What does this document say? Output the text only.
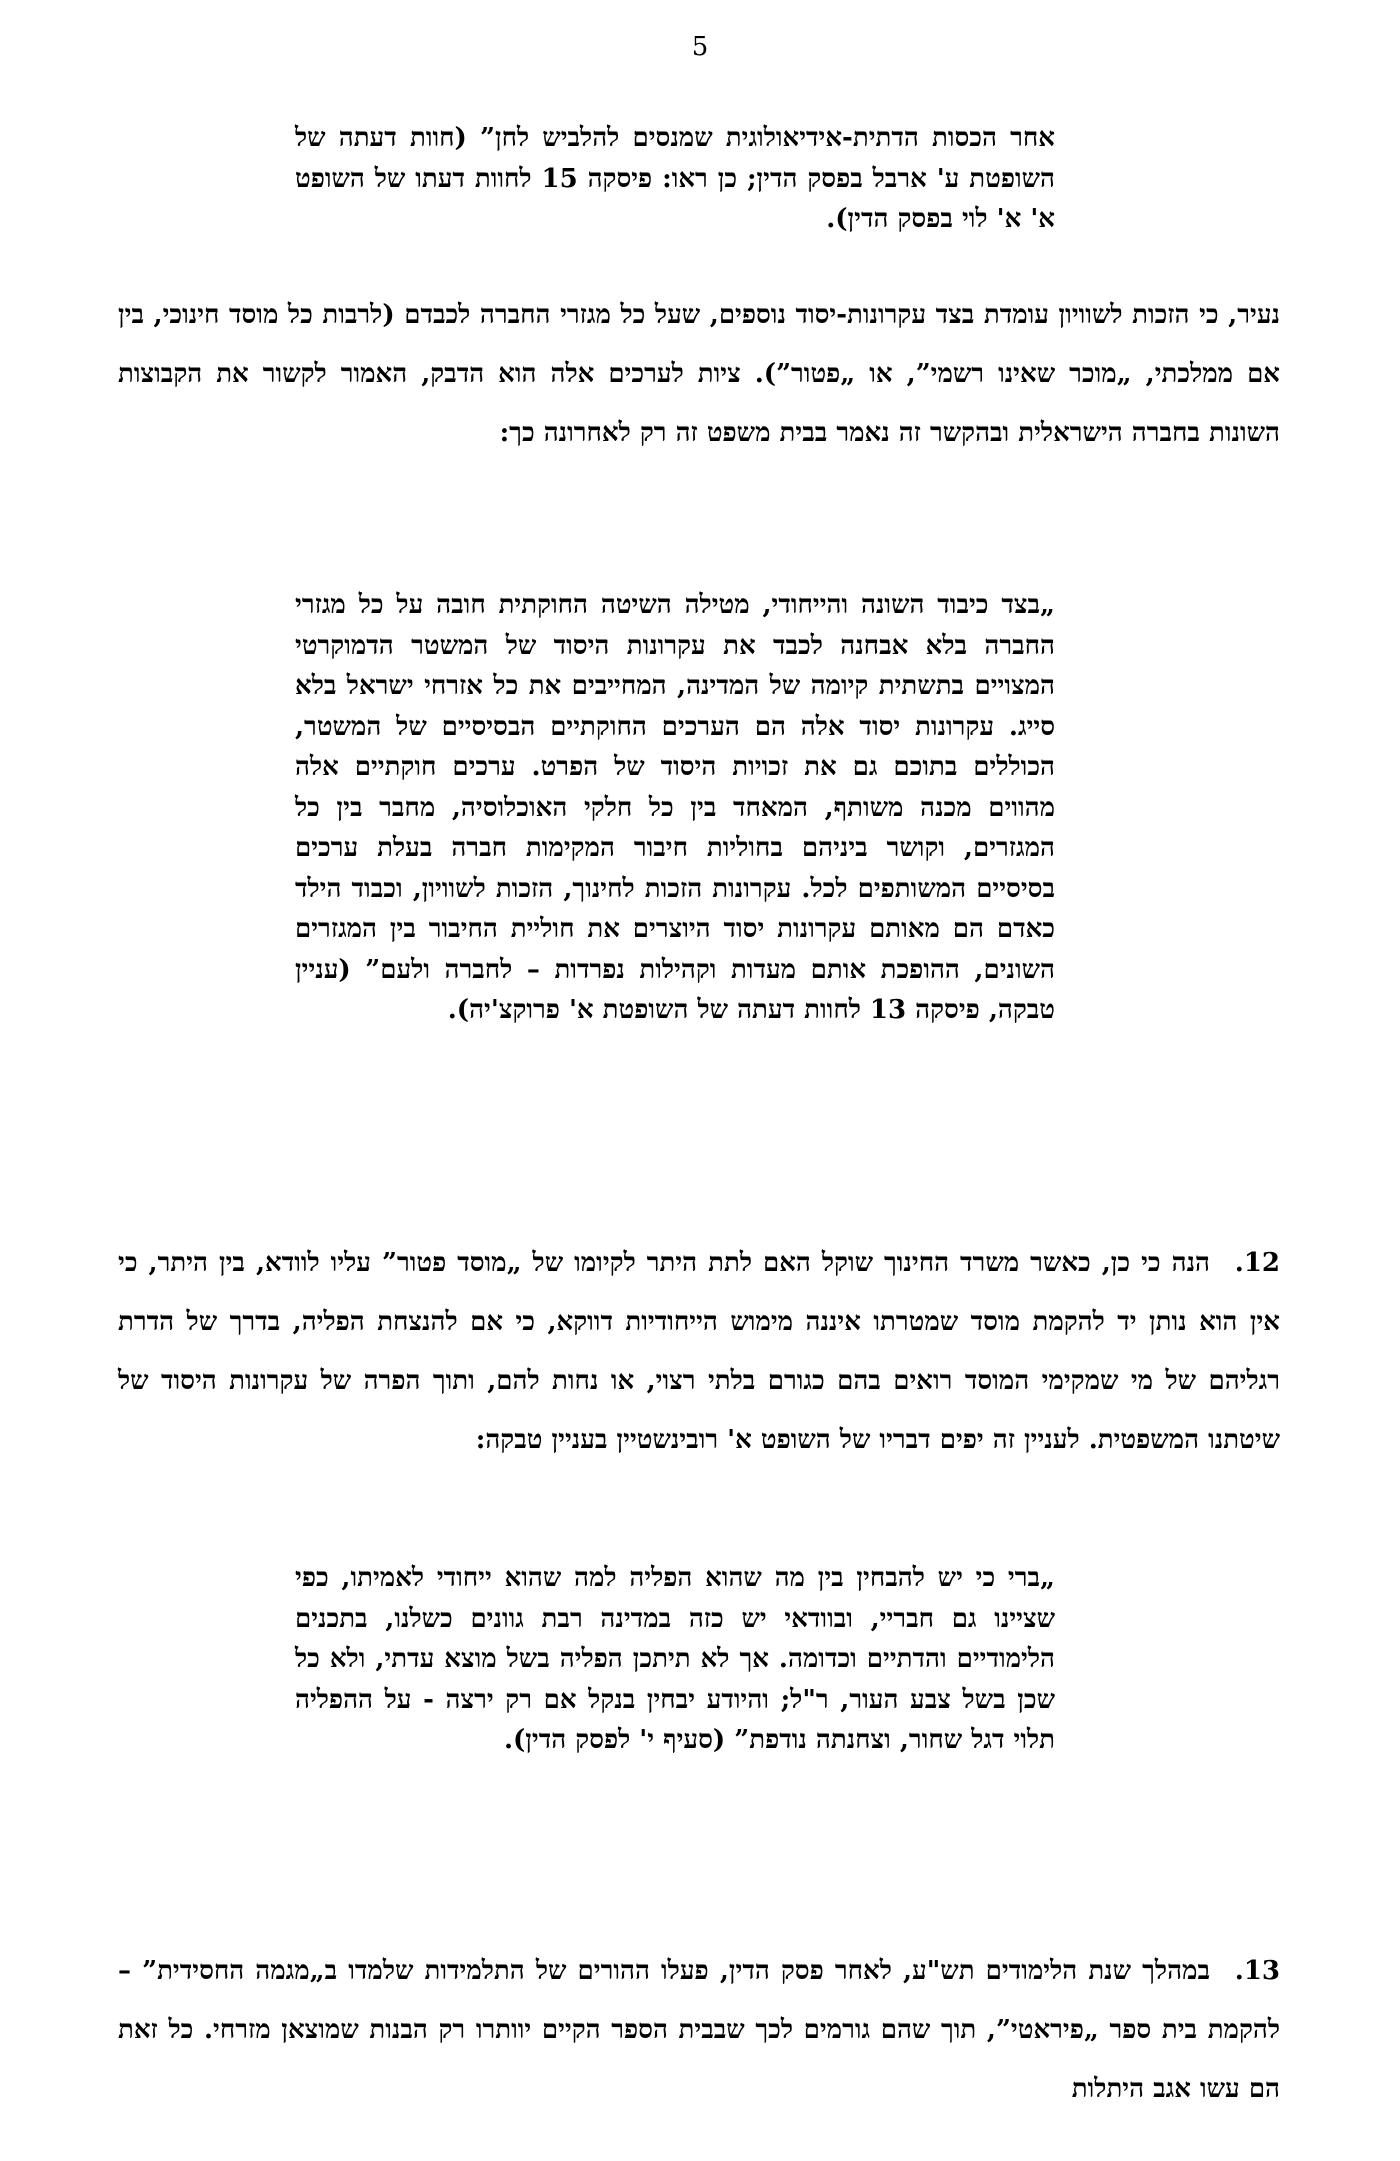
5
אחר הכסות הדתית-אידיאולוגית שמנסים להלביש לחן” (חוות דעתה של השופטת ע' ארבל בפסק הדין; כן ראו: פיסקה 15 לחוות דעתו של השופט א' א' לוי בפסק הדין).
נעיר, כי הזכות לשוויון עומדת בצד עקרונות-יסוד נוספים, שעל כל מגזרי החברה לכבדם (לרבות כל מוסד חינוכי, בין אם ממלכתי, „מוכר שאינו רשמי”, או „פטור”). ציות לערכים אלה הוא הדבק, האמור לקשור את הקבוצות השונות בחברה הישראלית ובהקשר זה נאמר בבית משפט זה רק לאחרונה כך:
„בצד כיבוד השונה והייחודי, מטילה השיטה החוקתית חובה על כל מגזרי החברה בלא אבחנה לכבד את עקרונות היסוד של המשטר הדמוקרטי המצויים בתשתית קיומה של המדינה, המחייבים את כל אזרחי ישראל בלא סייג. עקרונות יסוד אלה הם הערכים החוקתיים הבסיסיים של המשטר, הכוללים בתוכם גם את זכויות היסוד של הפרט. ערכים חוקתיים אלה מהווים מכנה משותף, המאחד בין כל חלקי האוכלוסיה, מחבר בין כל המגזרים, וקושר ביניהם בחוליות חיבור המקימות חברה בעלת ערכים בסיסיים המשותפים לכל. עקרונות הזכות לחינוך, הזכות לשוויון, וכבוד הילד כאדם הם מאותם עקרונות יסוד היוצרים את חוליית החיבור בין המגזרים השונים, ההופכת אותם מעדות וקהילות נפרדות – לחברה ולעם” (עניין טבקה, פיסקה 13 לחוות דעתה של השופטת א' פרוקצ'יה).
12.הנה כי כן, כאשר משרד החינוך שוקל האם לתת היתר לקיומו של „מוסד פטור” עליו לוודא, בין היתר, כי אין הוא נותן יד להקמת מוסד שמטרתו איננה מימוש הייחודיות דווקא, כי אם להנצחת הפליה, בדרך של הדרת רגליהם של מי שמקימי המוסד רואים בהם כגורם בלתי רצוי, או נחות להם, ותוך הפרה של עקרונות היסוד של שיטתנו המשפטית. לעניין זה יפים דבריו של השופט א' רובינשטיין בעניין טבקה:
„ברי כי יש להבחין בין מה שהוא הפליה למה שהוא ייחודי לאמיתו, כפי שציינו גם חבריי, ובוודאי יש כזה במדינה רבת גוונים כשלנו, בתכנים הלימודיים והדתיים וכדומה. אך לא תיתכן הפליה בשל מוצא עדתי, ולא כל שכן בשל צבע העור, ר"ל; והיודע יבחין בנקל אם רק ירצה - על ההפליה תלוי דגל שחור, וצחנתה נודפת” (סעיף י' לפסק הדין).
13.במהלך שנת הלימודים תש"ע, לאחר פסק הדין, פעלו ההורים של התלמידות שלמדו ב„מגמה החסידית” – להקמת בית ספר „פיראטי”, תוך שהם גורמים לכך שבבית הספר הקיים יוותרו רק הבנות שמוצאן מזרחי. כל זאת הם עשו אגב היתלות
